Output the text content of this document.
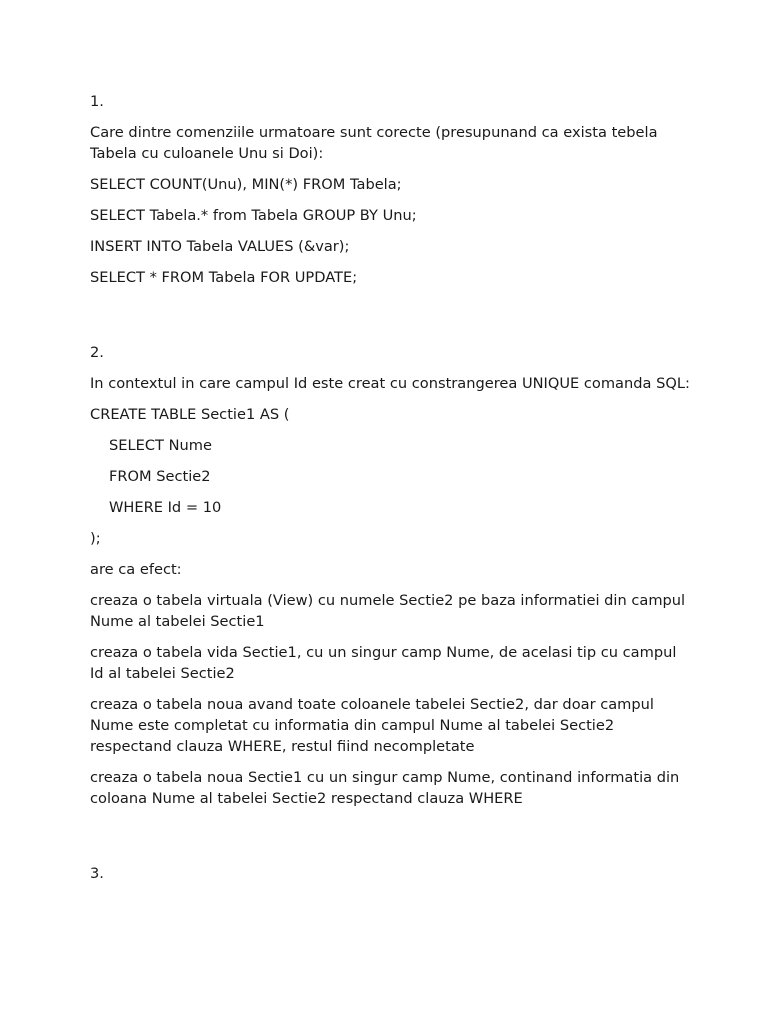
1.

Care dintre comenziile urmatoare sunt corecte (presupunand ca exista tebela Tabela cu culoanele Unu si Doi):

SELECT COUNT(Unu), MIN(*) FROM Tabela;

SELECT Tabela.* from Tabela GROUP BY Unu;

INSERT INTO Tabela VALUES (&var);

SELECT * FROM Tabela FOR UPDATE;

2.

In contextul in care campul Id este creat cu constrangerea UNIQUE comanda SQL:

CREATE TABLE Sectie1 AS (

SELECT Nume

FROM Sectie2

WHERE Id = 10

);

are ca efect:

creaza o tabela virtuala (View) cu numele Sectie2 pe baza informatiei din campul Nume al tabelei Sectie1

creaza o tabela vida Sectie1, cu un singur camp Nume, de acelasi tip cu campul Id al tabelei Sectie2

creaza o tabela noua avand toate coloanele tabelei Sectie2, dar doar campul Nume este completat cu informatia din campul Nume al tabelei Sectie2 respectand clauza WHERE, restul fiind necompletate

creaza o tabela noua Sectie1 cu un singur camp Nume, continand informatia din coloana Nume al tabelei Sectie2 respectand clauza WHERE

3.
